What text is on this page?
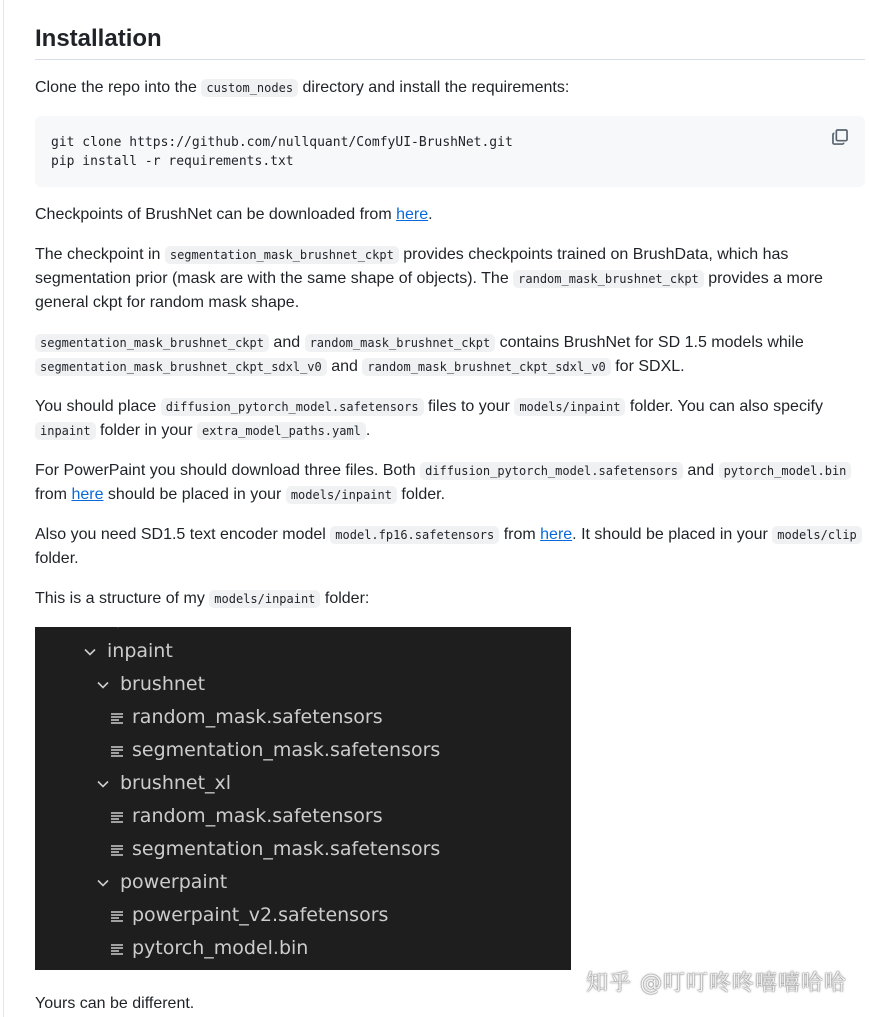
Installation

Clone the repo into the custom_nodes directory and install the requirements:

git clone https://github.com/nullquant/ComfyUI-BrushNet.git
pip install -r requirements.txt

Checkpoints of BrushNet can be downloaded from here.

The checkpoint in segmentation_mask_brushnet_ckpt provides checkpoints trained on BrushData, which has segmentation prior (mask are with the same shape of objects). The random_mask_brushnet_ckpt provides a more general ckpt for random mask shape.

segmentation_mask_brushnet_ckpt and random_mask_brushnet_ckpt contains BrushNet for SD 1.5 models while segmentation_mask_brushnet_ckpt_sdxl_v0 and random_mask_brushnet_ckpt_sdxl_v0 for SDXL.

You should place diffusion_pytorch_model.safetensors files to your models/inpaint folder. You can also specify inpaint folder in your extra_model_paths.yaml .

For PowerPaint you should download three files. Both diffusion_pytorch_model.safetensors and pytorch_model.bin from here should be placed in your models/inpaint folder.

Also you need SD1.5 text encoder model model.fp16.safetensors from here. It should be placed in your models/clip folder.

This is a structure of my models/inpaint folder:

inpaint
brushnet
random_mask.safetensors
segmentation_mask.safetensors
brushnet_xl
random_mask.safetensors
segmentation_mask.safetensors
powerpaint
powerpaint_v2.safetensors
pytorch_model.bin

Yours can be different.

知乎 @叮叮咚咚嘻嘻哈哈
